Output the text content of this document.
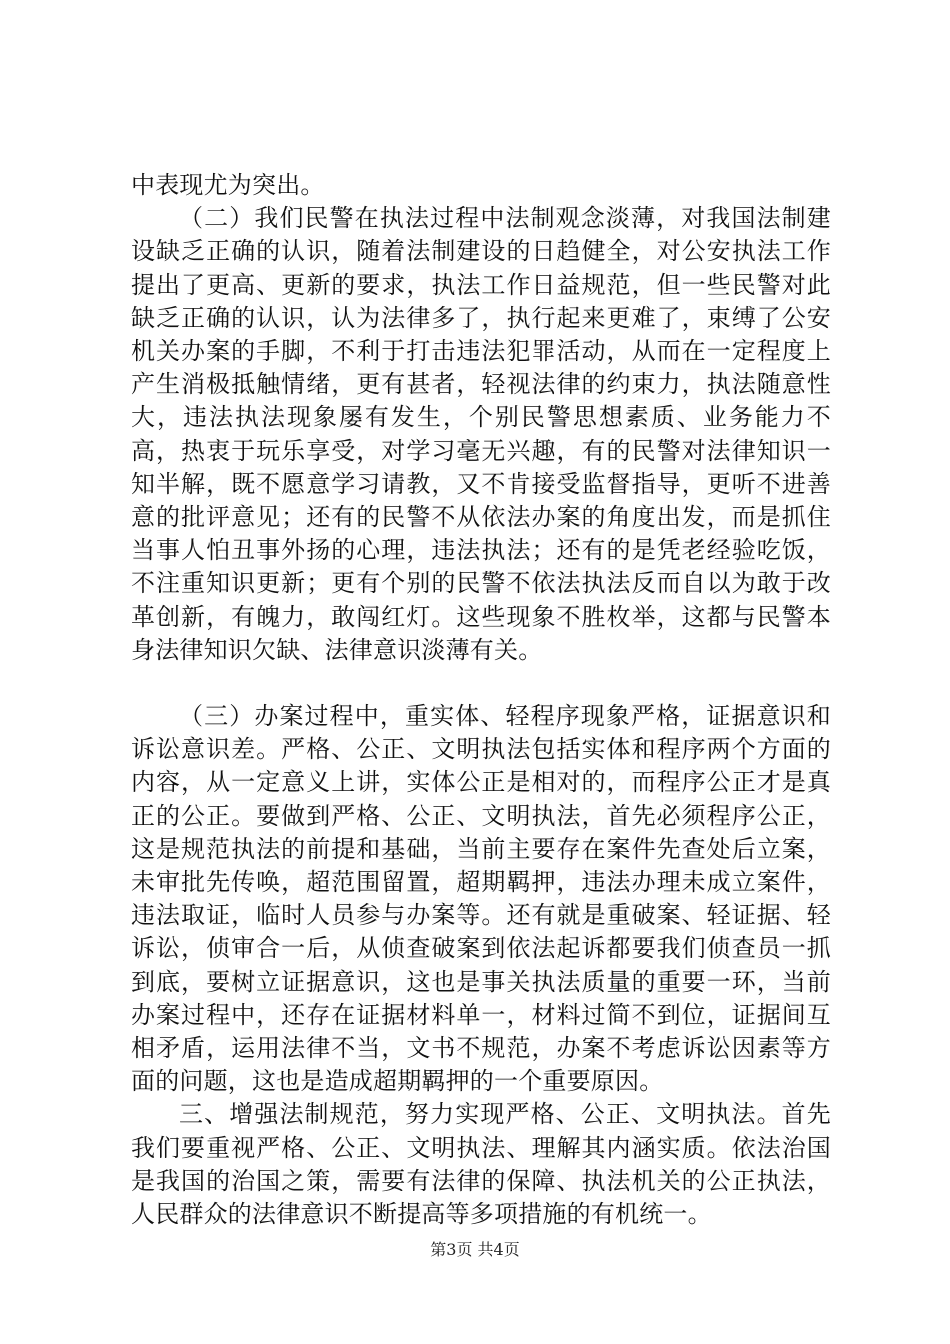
中表现尤为突出。

（二）我们民警在执法过程中法制观念淡薄，对我国法制建设缺乏正确的认识，随着法制建设的日趋健全，对公安执法工作提出了更高、更新的要求，执法工作日益规范，但一些民警对此缺乏正确的认识，认为法律多了，执行起来更难了，束缚了公安机关办案的手脚，不利于打击违法犯罪活动，从而在一定程度上产生消极抵触情绪，更有甚者，轻视法律的约束力，执法随意性大，违法执法现象屡有发生，个别民警思想素质、业务能力不高，热衷于玩乐享受，对学习毫无兴趣，有的民警对法律知识一知半解，既不愿意学习请教，又不肯接受监督指导，更听不进善意的批评意见；还有的民警不从依法办案的角度出发，而是抓住当事人怕丑事外扬的心理，违法执法；还有的是凭老经验吃饭，不注重知识更新；更有个别的民警不依法执法反而自以为敢于改革创新，有魄力，敢闯红灯。这些现象不胜枚举，这都与民警本身法律知识欠缺、法律意识淡薄有关。

（三）办案过程中，重实体、轻程序现象严格，证据意识和诉讼意识差。严格、公正、文明执法包括实体和程序两个方面的内容，从一定意义上讲，实体公正是相对的，而程序公正才是真正的公正。要做到严格、公正、文明执法，首先必须程序公正，这是规范执法的前提和基础，当前主要存在案件先查处后立案，未审批先传唤，超范围留置，超期羁押，违法办理未成立案件，违法取证，临时人员参与办案等。还有就是重破案、轻证据、轻诉讼，侦审合一后，从侦查破案到依法起诉都要我们侦查员一抓到底，要树立证据意识，这也是事关执法质量的重要一环，当前办案过程中，还存在证据材料单一，材料过简不到位，证据间互相矛盾，运用法律不当，文书不规范，办案不考虑诉讼因素等方面的问题，这也是造成超期羁押的一个重要原因。

三、增强法制规范，努力实现严格、公正、文明执法。首先我们要重视严格、公正、文明执法、理解其内涵实质。依法治国是我国的治国之策，需要有法律的保障、执法机关的公正执法，人民群众的法律意识不断提高等多项措施的有机统一。

第3页 共4页
